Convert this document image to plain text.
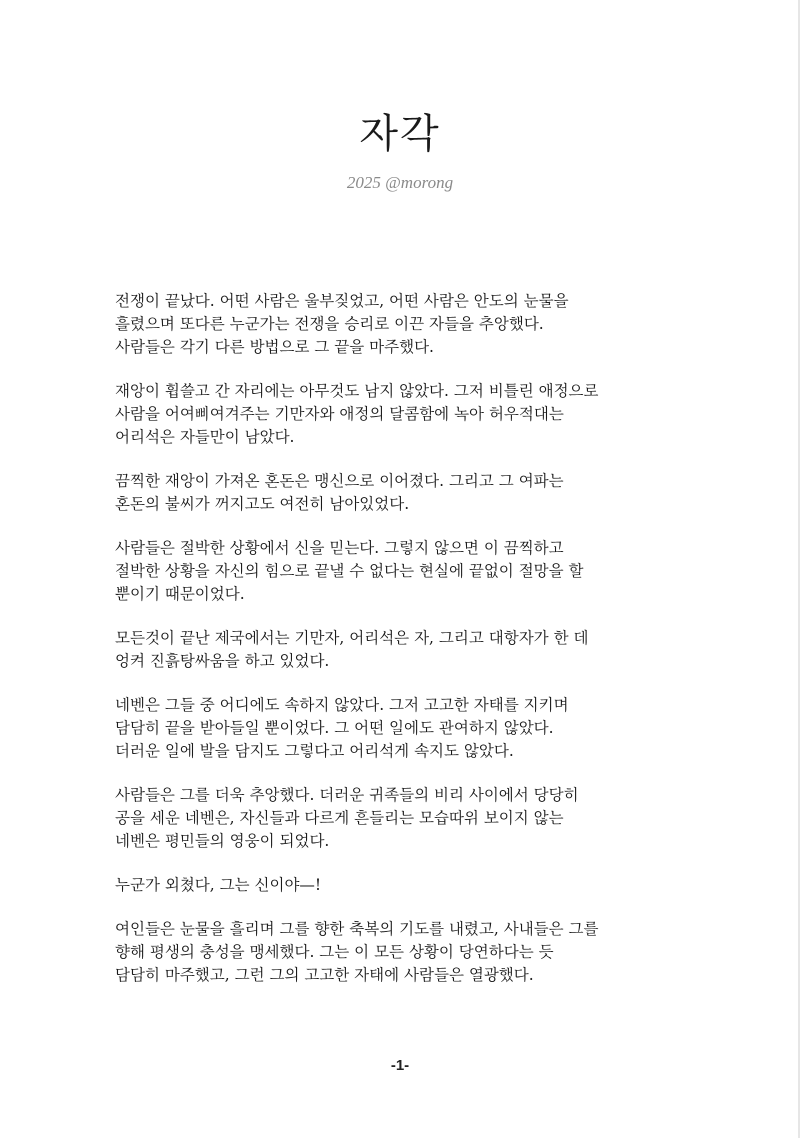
자각
2025 @morong

전쟁이 끝났다. 어떤 사람은 울부짖었고, 어떤 사람은 안도의 눈물을
흘렸으며 또다른 누군가는 전쟁을 승리로 이끈 자들을 추앙했다.
사람들은 각기 다른 방법으로 그 끝을 마주했다.

재앙이 휩쓸고 간 자리에는 아무것도 남지 않았다. 그저 비틀린 애정으로
사람을 어여삐여겨주는 기만자와 애정의 달콤함에 녹아 허우적대는
어리석은 자들만이 남았다.

끔찍한 재앙이 가져온 혼돈은 맹신으로 이어졌다. 그리고 그 여파는
혼돈의 불씨가 꺼지고도 여전히 남아있었다.

사람들은 절박한 상황에서 신을 믿는다. 그렇지 않으면 이 끔찍하고
절박한 상황을 자신의 힘으로 끝낼 수 없다는 현실에 끝없이 절망을 할
뿐이기 때문이었다.

모든것이 끝난 제국에서는 기만자, 어리석은 자, 그리고 대항자가 한 데
엉켜 진흙탕싸움을 하고 있었다.

네벤은 그들 중 어디에도 속하지 않았다. 그저 고고한 자태를 지키며
담담히 끝을 받아들일 뿐이었다. 그 어떤 일에도 관여하지 않았다.
더러운 일에 발을 담지도 그렇다고 어리석게 속지도 않았다.

사람들은 그를 더욱 추앙했다. 더러운 귀족들의 비리 사이에서 당당히
공을 세운 네벤은, 자신들과 다르게 흔들리는 모습따위 보이지 않는
네벤은 평민들의 영웅이 되었다.

누군가 외쳤다, 그는 신이야—!

여인들은 눈물을 흘리며 그를 향한 축복의 기도를 내렸고, 사내들은 그를
향해 평생의 충성을 맹세했다. 그는 이 모든 상황이 당연하다는 듯
담담히 마주했고, 그런 그의 고고한 자태에 사람들은 열광했다.

-1-
